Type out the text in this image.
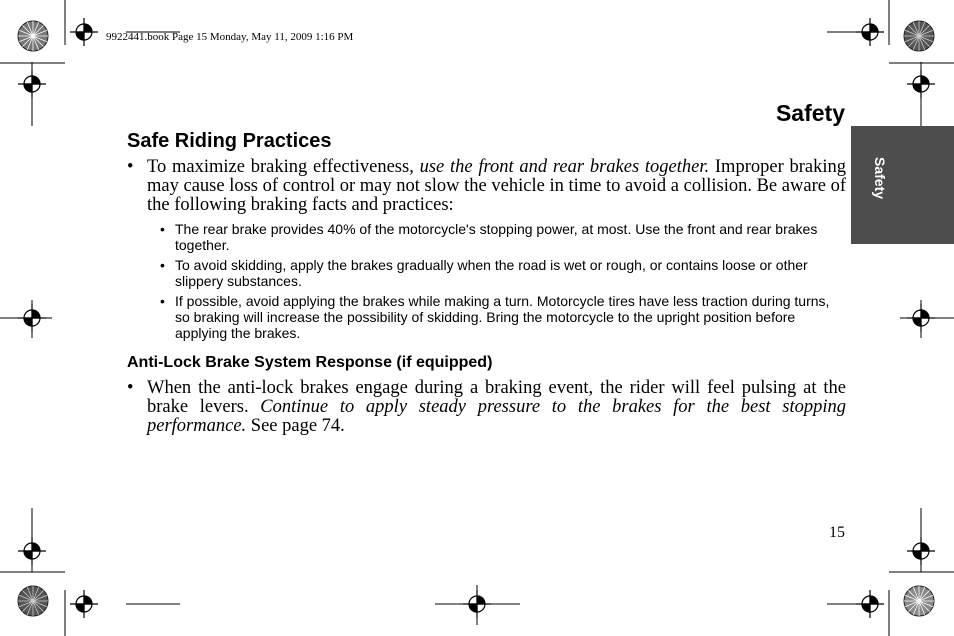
9922441.book Page 15 Monday, May 11, 2009 1:16 PM
Safety
Safety
Safe Riding Practices
• To maximize braking effectiveness, use the front and rear brakes together. Improper braking may cause loss of control or may not slow the vehicle in time to avoid a collision. Be aware of the following braking facts and practices:
• The rear brake provides 40% of the motorcycle's stopping power, at most. Use the front and rear brakes together.
• To avoid skidding, apply the brakes gradually when the road is wet or rough, or contains loose or other slippery substances.
• If possible, avoid applying the brakes while making a turn. Motorcycle tires have less traction during turns, so braking will increase the possibility of skidding. Bring the motorcycle to the upright position before applying the brakes.
Anti-Lock Brake System Response (if equipped)
• When the anti-lock brakes engage during a braking event, the rider will feel pulsing at the brake levers. Continue to apply steady pressure to the brakes for the best stopping performance. See page 74.
15
